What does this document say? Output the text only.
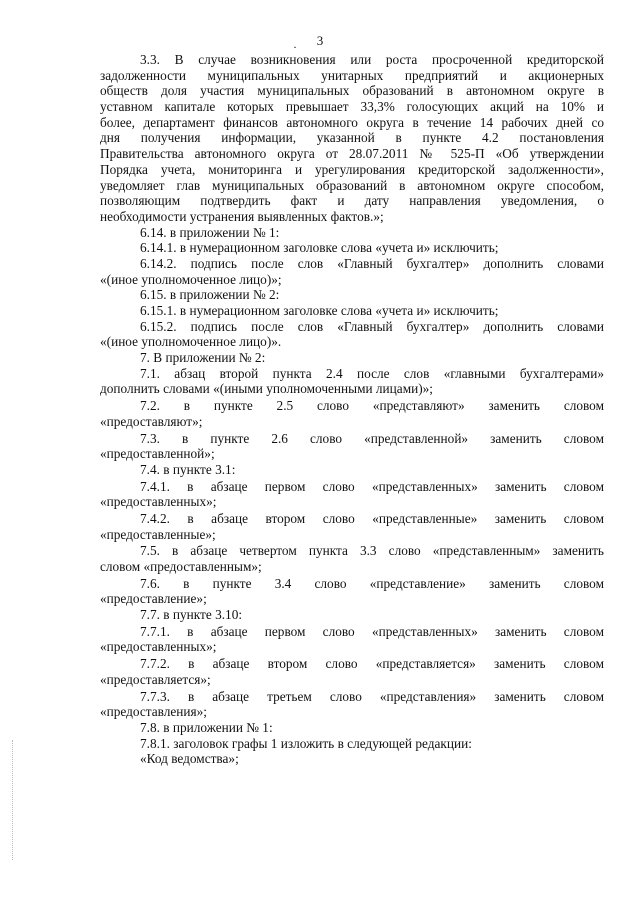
3
·
3.3. В случае возникновения или роста просроченной кредиторской
задолженности муниципальных унитарных предприятий и акционерных
обществ доля участия муниципальных образований в автономном округе в
уставном капитале которых превышает 33,3% голосующих акций на 10% и
более, департамент финансов автономного округа в течение 14 рабочих дней со
дня получения информации, указанной в пункте 4.2 постановления
Правительства автономного округа от 28.07.2011 № 525-П «Об утверждении
Порядка учета, мониторинга и урегулирования кредиторской задолженности»,
уведомляет глав муниципальных образований в автономном округе способом,
позволяющим подтвердить факт и дату направления уведомления, о
необходимости устранения выявленных фактов.»;
6.14. в приложении № 1:
6.14.1. в нумерационном заголовке слова «учета и» исключить;
6.14.2. подпись после слов «Главный бухгалтер» дополнить словами
«(иное уполномоченное лицо)»;
6.15. в приложении № 2:
6.15.1. в нумерационном заголовке слова «учета и» исключить;
6.15.2. подпись после слов «Главный бухгалтер» дополнить словами
«(иное уполномоченное лицо)».
7. В приложении № 2:
7.1. абзац второй пункта 2.4 после слов «главными бухгалтерами»
дополнить словами «(иными уполномоченными лицами)»;
7.2. в пункте 2.5 слово «представляют» заменить словом
«предоставляют»;
7.3. в пункте 2.6 слово «представленной» заменить словом
«предоставленной»;
7.4. в пункте 3.1:
7.4.1. в абзаце первом слово «представленных» заменить словом
«предоставленных»;
7.4.2. в абзаце втором слово «представленные» заменить словом
«предоставленные»;
7.5. в абзаце четвертом пункта 3.3 слово «представленным» заменить
словом «предоставленным»;
7.6. в пункте 3.4 слово «представление» заменить словом
«предоставление»;
7.7. в пункте 3.10:
7.7.1. в абзаце первом слово «представленных» заменить словом
«предоставленных»;
7.7.2. в абзаце втором слово «представляется» заменить словом
«предоставляется»;
7.7.3. в абзаце третьем слово «представления» заменить словом
«предоставления»;
7.8. в приложении № 1:
7.8.1. заголовок графы 1 изложить в следующей редакции:
«Код ведомства»;
